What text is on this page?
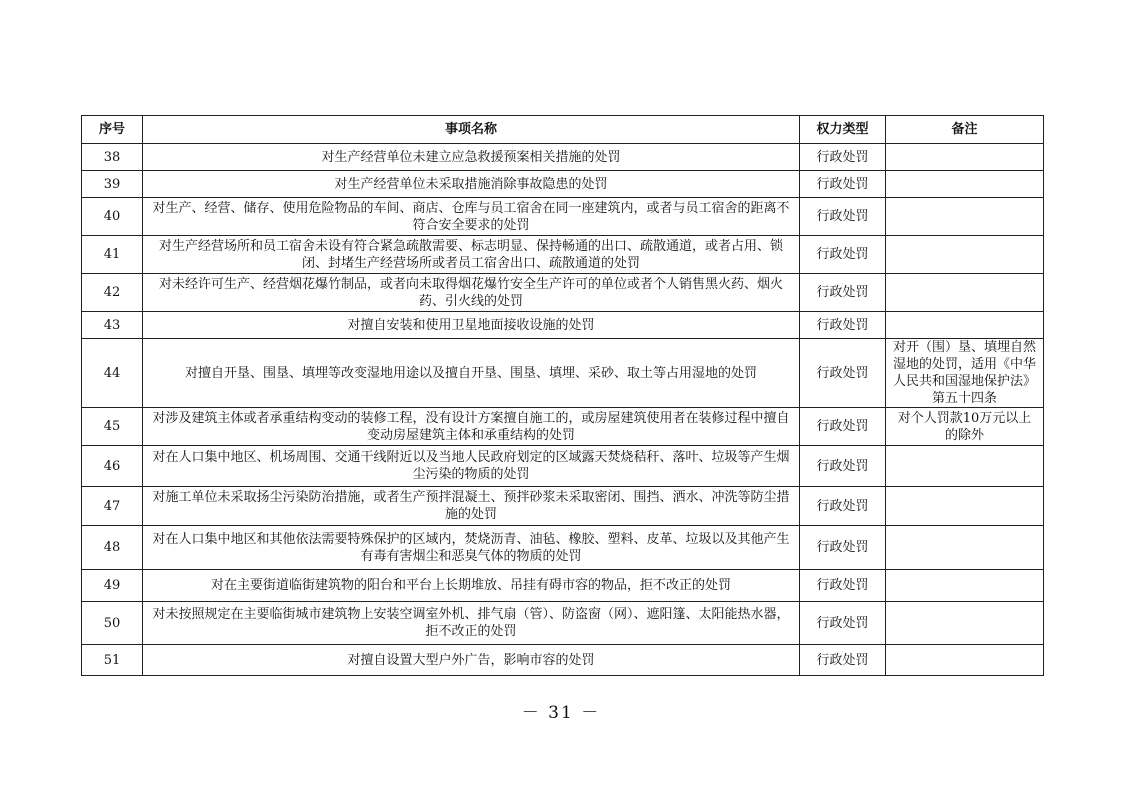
序号	事项名称	权力类型	备注
38	对生产经营单位未建立应急救援预案相关措施的处罚	行政处罚	
39	对生产经营单位未采取措施消除事故隐患的处罚	行政处罚	
40	对生产、经营、储存、使用危险物品的车间、商店、仓库与员工宿舍在同一座建筑内，或者与员工宿舍的距离不符合安全要求的处罚	行政处罚	
41	对生产经营场所和员工宿舍未设有符合紧急疏散需要、标志明显、保持畅通的出口、疏散通道，或者占用、锁闭、封堵生产经营场所或者员工宿舍出口、疏散通道的处罚	行政处罚	
42	对未经许可生产、经营烟花爆竹制品，或者向未取得烟花爆竹安全生产许可的单位或者个人销售黑火药、烟火药、引火线的处罚	行政处罚	
43	对擅自安装和使用卫星地面接收设施的处罚	行政处罚	
44	对擅自开垦、围垦、填埋等改变湿地用途以及擅自开垦、围垦、填埋、采砂、取土等占用湿地的处罚	行政处罚	对开（围）垦、填埋自然湿地的处罚，适用《中华人民共和国湿地保护法》第五十四条
45	对涉及建筑主体或者承重结构变动的装修工程，没有设计方案擅自施工的，或房屋建筑使用者在装修过程中擅自变动房屋建筑主体和承重结构的处罚	行政处罚	对个人罚款10万元以上的除外
46	对在人口集中地区、机场周围、交通干线附近以及当地人民政府划定的区域露天焚烧秸秆、落叶、垃圾等产生烟尘污染的物质的处罚	行政处罚	
47	对施工单位未采取扬尘污染防治措施，或者生产预拌混凝土、预拌砂浆未采取密闭、围挡、洒水、冲洗等防尘措施的处罚	行政处罚	
48	对在人口集中地区和其他依法需要特殊保护的区域内，焚烧沥青、油毡、橡胶、塑料、皮革、垃圾以及其他产生有毒有害烟尘和恶臭气体的物质的处罚	行政处罚	
49	对在主要街道临街建筑物的阳台和平台上长期堆放、吊挂有碍市容的物品，拒不改正的处罚	行政处罚	
50	对未按照规定在主要临街城市建筑物上安装空调室外机、排气扇（管）、防盗窗（网）、遮阳篷、太阳能热水器，拒不改正的处罚	行政处罚	
51	对擅自设置大型户外广告，影响市容的处罚	行政处罚	
－ 31 －
